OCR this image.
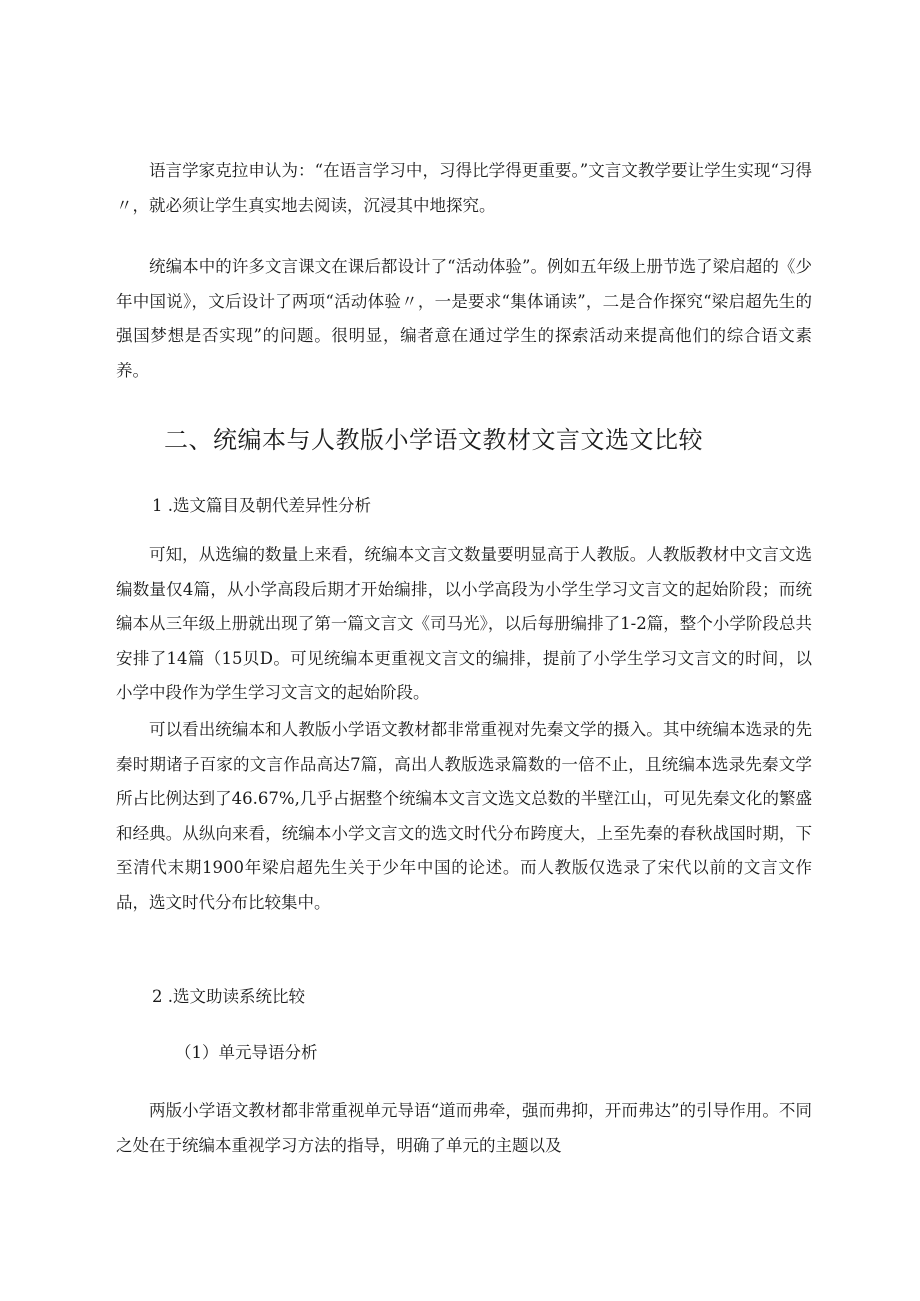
语言学家克拉申认为：“在语言学习中，习得比学得更重要。”文言文教学要让学生实现“习得〃，就必须让学生真实地去阅读，沉浸其中地探究。

统编本中的许多文言课文在课后都设计了“活动体验”。例如五年级上册节选了梁启超的《少年中国说》，文后设计了两项“活动体验〃，一是要求“集体诵读”，二是合作探究“梁启超先生的强国梦想是否实现”的问题。很明显，编者意在通过学生的探索活动来提高他们的综合语文素养。

二、统编本与人教版小学语文教材文言文选文比较

1 .选文篇目及朝代差异性分析

可知，从选编的数量上来看，统编本文言文数量要明显高于人教版。人教版教材中文言文选编数量仅4篇，从小学高段后期才开始编排，以小学高段为小学生学习文言文的起始阶段；而统编本从三年级上册就出现了第一篇文言文《司马光》，以后每册编排了1-2篇，整个小学阶段总共安排了14篇（15贝D。可见统编本更重视文言文的编排，提前了小学生学习文言文的时间，以小学中段作为学生学习文言文的起始阶段。

可以看出统编本和人教版小学语文教材都非常重视对先秦文学的摄入。其中统编本选录的先秦时期诸子百家的文言作品高达7篇，高出人教版选录篇数的一倍不止，且统编本选录先秦文学所占比例达到了46.67%,几乎占据整个统编本文言文选文总数的半壁江山，可见先秦文化的繁盛和经典。从纵向来看，统编本小学文言文的选文时代分布跨度大，上至先秦的春秋战国时期，下至清代末期1900年梁启超先生关于少年中国的论述。而人教版仅选录了宋代以前的文言文作品，选文时代分布比较集中。

2 .选文助读系统比较

（1）单元导语分析

两版小学语文教材都非常重视单元导语“道而弗牵，强而弗抑，开而弗达”的引导作用。不同之处在于统编本重视学习方法的指导，明确了单元的主题以及
